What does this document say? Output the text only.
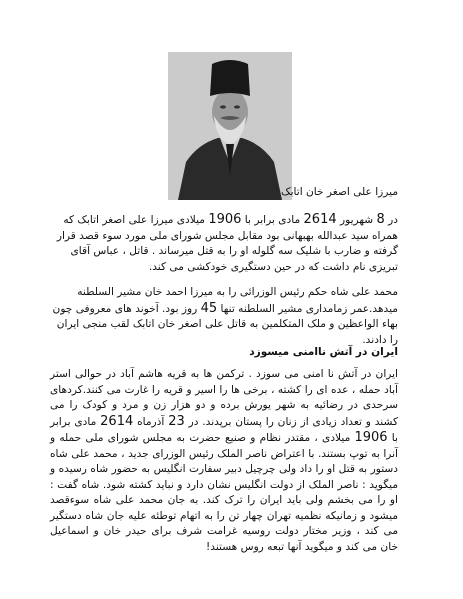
میرزا علی اصغر خان اتابک

در 8 شهریور 2614 مادی برابر با 1906 میلادی میرزا علی اصغر اتابک که همراه سید عبدالله بهبهانی بود مقابل مجلس شورای ملی مورد سوء قصد قرار گرفته و ضارب با شلیک سه گلوله او را به قتل میرساند . قاتل ، عباس آقای تبریزی نام داشت که در حین دستگیری خودکشی می کند.

محمد علی شاه حکم رئیس الوزرائی را به میرزا احمد خان مشیر السلطنه میدهد.عمر زمامداری مشیر السلطنه تنها 45 روز بود. آخوند های معروفی چون بهاء الواعظین و ملک المتکلمین به قاتل علی اصغر خان اتابک لقب منجی ایران را دادند.

ایران در آتش ناامنی میسوزد

ایران در آتش نا امنی می سوزد . ترکمن ها به قریه هاشم آباد در حوالی استر آباد حمله ، عده ای را کشته ، برخی ها را اسیر و قریه را غارت می کنند.کردهای سرحدی در رضائیه به شهر یورش برده و دو هزار زن و مرد و کودک را می کشند و تعداد زیادی از زنان را پستان برپدند. در 23 آذرماه 2614 مادی برابر با 1906 میلادی ، مقتدر نظام و صنیع حضرت به مجلس شورای ملی حمله و آنرا به توپ بستند. با اعتراض ناصر الملک رئیس الوزرای جدید ، محمد علی شاه دستور به قتل او را داد ولی چرچیل دبیر سفارت انگلیس به حضور شاه رسیده و میگوید : ناصر الملک از دولت انگلیس نشان دارد و نباید کشته شود. شاه گفت : او را می بخشم ولی باید ایران را ترک کند. به جان محمد علی شاه سوءقصد میشود و زمانیکه نظمیه تهران چهار تن را به اتهام توطئه علیه جان شاه دستگیر می کند ، وزیر مختار دولت روسیه غرامت شرف برای حیدر خان و اسماعیل خان می کند و میگوید آنها تبعه روس هستند!
